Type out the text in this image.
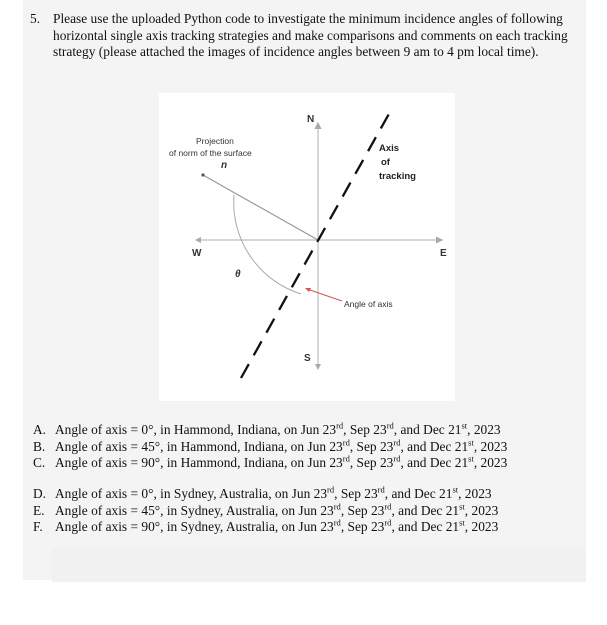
5. Please use the uploaded Python code to investigate the minimum incidence angles of following horizontal single axis tracking strategies and make comparisons and comments on each tracking strategy (please attached the images of incidence angles between 9 am to 4 pm local time).
N
S
W	E
Projection
of norm of the surface
n
Axis
of
tracking
θ
Angle of axis
A. Angle of axis = 0°, in Hammond, Indiana, on Jun 23rd, Sep 23rd, and Dec 21st, 2023
B. Angle of axis = 45°, in Hammond, Indiana, on Jun 23rd, Sep 23rd, and Dec 21st, 2023
C. Angle of axis = 90°, in Hammond, Indiana, on Jun 23rd, Sep 23rd, and Dec 21st, 2023
D. Angle of axis = 0°, in Sydney, Australia, on Jun 23rd, Sep 23rd, and Dec 21st, 2023
E. Angle of axis = 45°, in Sydney, Australia, on Jun 23rd, Sep 23rd, and Dec 21st, 2023
F. Angle of axis = 90°, in Sydney, Australia, on Jun 23rd, Sep 23rd, and Dec 21st, 2023
